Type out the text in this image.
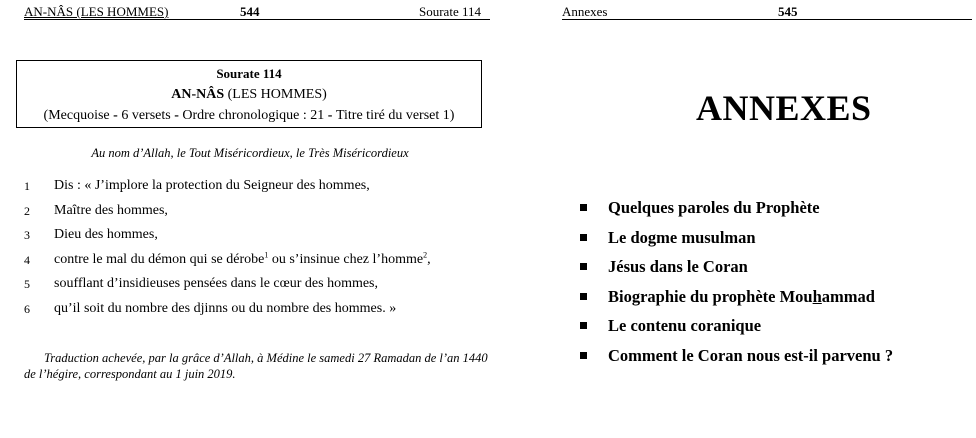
AN-NÂS (LES HOMMES)	544	Sourate 114
Sourate 114
AN-NÂS (LES HOMMES)
(Mecquoise - 6 versets - Ordre chronologique : 21 - Titre tiré du verset 1)
Au nom d’Allah, le Tout Miséricordieux, le Très Miséricordieux
1 Dis : « J’implore la protection du Seigneur des hommes,
2 Maître des hommes,
3 Dieu des hommes,
4 contre le mal du démon qui se dérobe$^1$ ou s’insinue chez l’homme$^2$,
5 soufflant d’insidieuses pensées dans le cœur des hommes,
6 qu’il soit du nombre des djinns ou du nombre des hommes. »
Traduction achevée, par la grâce d’Allah, à Médine le samedi 27 Ramadan de l’an 1440 de l’hégire, correspondant au 1 juin 2019.
Annexes	545
ANNEXES
Quelques paroles du Prophète
Le dogme musulman
Jésus dans le Coran
Biographie du prophète Mouhammad
Le contenu coranique
Comment le Coran nous est-il parvenu ?
